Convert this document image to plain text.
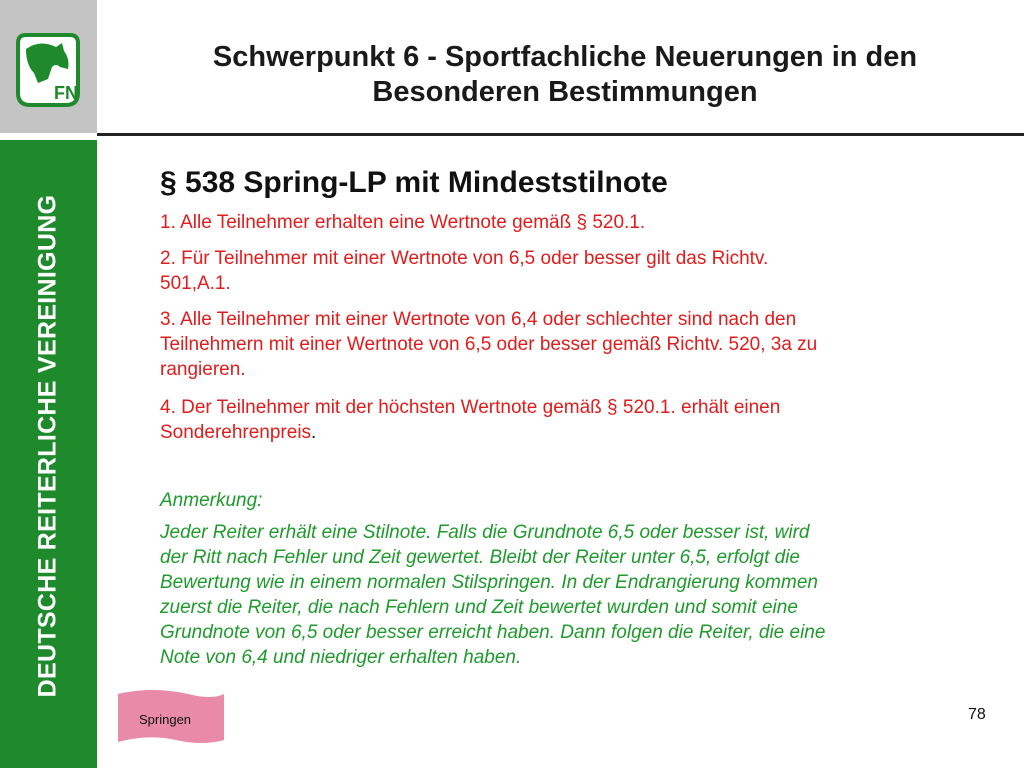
FN
DEUTSCHE REITERLICHE VEREINIGUNG
Schwerpunkt 6 - Sportfachliche Neuerungen in den
Besonderen Bestimmungen
§ 538 Spring-LP mit Mindeststilnote
1. Alle Teilnehmer erhalten eine Wertnote gemäß § 520.1.
2. Für Teilnehmer mit einer Wertnote von 6,5 oder besser gilt das Richtv.
501,A.1.
3. Alle Teilnehmer mit einer Wertnote von 6,4 oder schlechter sind nach den
Teilnehmern mit einer Wertnote von 6,5 oder besser gemäß Richtv. 520, 3a zu
rangieren.
4. Der Teilnehmer mit der höchsten Wertnote gemäß § 520.1. erhält einen
Sonderehrenpreis.
Anmerkung:
Jeder Reiter erhält eine Stilnote. Falls die Grundnote 6,5 oder besser ist, wird
der Ritt nach Fehler und Zeit gewertet. Bleibt der Reiter unter 6,5, erfolgt die
Bewertung wie in einem normalen Stilspringen. In der Endrangierung kommen
zuerst die Reiter, die nach Fehlern und Zeit bewertet wurden und somit eine
Grundnote von 6,5 oder besser erreicht haben. Dann folgen die Reiter, die eine
Note von 6,4 und niedriger erhalten haben.
Springen	78
